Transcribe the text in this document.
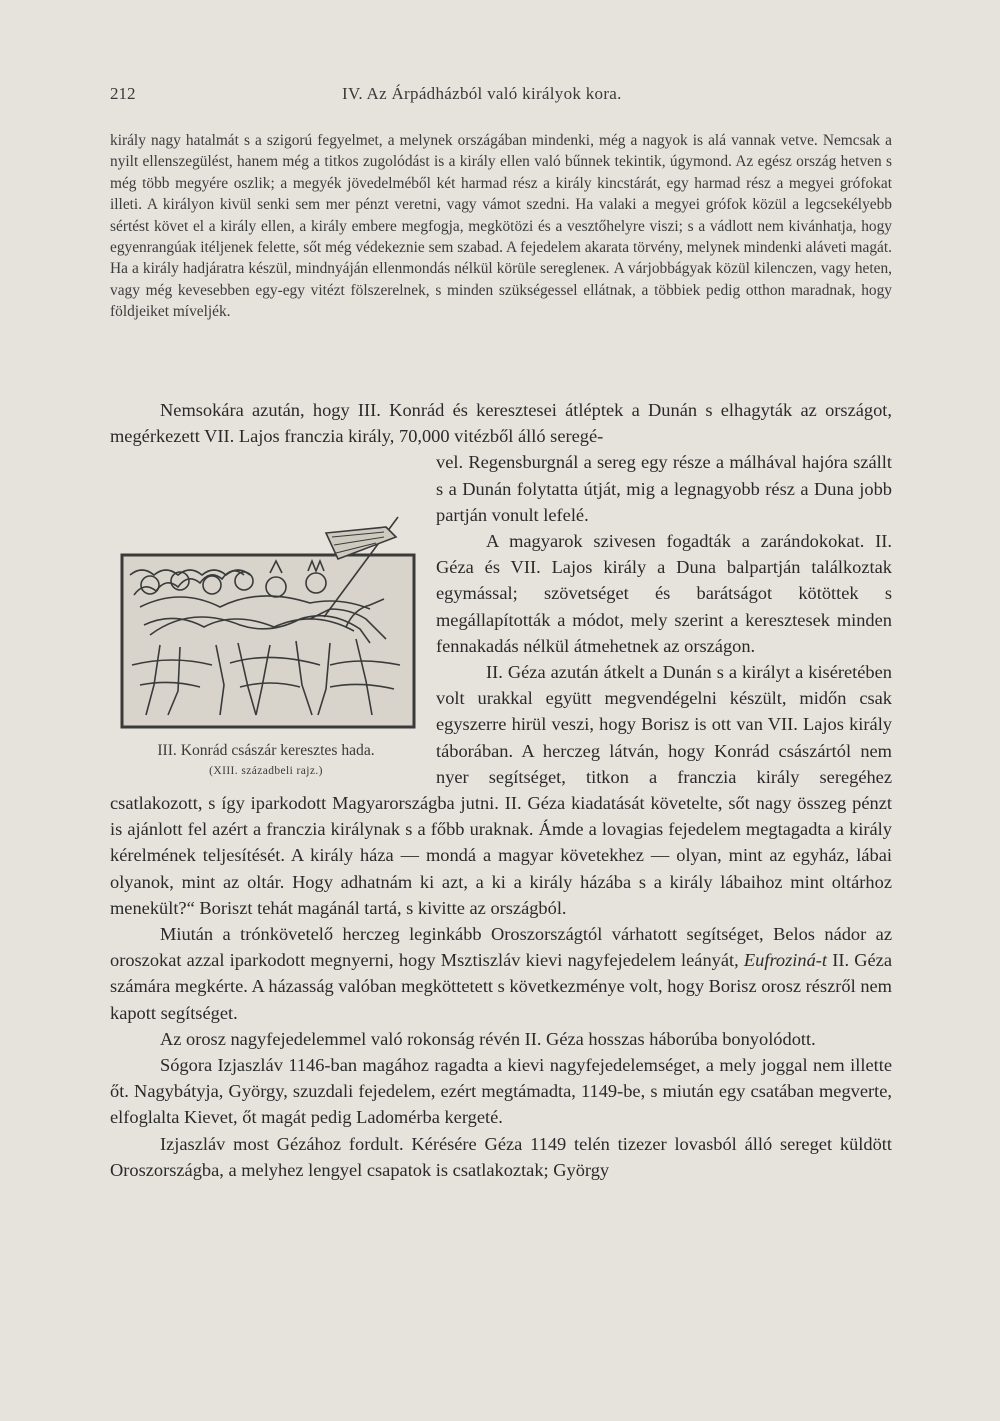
212	IV. Az Árpádházból való királyok kora.

király nagy hatalmát s a szigorú fegyelmet, a melynek országában mindenki, még a nagyok is alá vannak vetve. Nemcsak a nyilt ellenszegülést, hanem még a titkos zugolódást is a király ellen való bűnnek tekintik, úgymond. Az egész ország hetven s még több megyére oszlik; a megyék jövedelméből két harmad rész a király kincstárát, egy harmad rész a megyei grófokat illeti. A királyon kivül senki sem mer pénzt veretni, vagy vámot szedni. Ha valaki a megyei grófok közül a legcsekélyebb sértést követ el a király ellen, a király embere megfogja, megkötözi és a vesztőhelyre viszi; s a vádlott nem kivánhatja, hogy egyenrangúak itéljenek felette, sőt még védekeznie sem szabad. A fejedelem akarata törvény, melynek mindenki aláveti magát. Ha a király hadjáratra készül, mindnyáján ellenmondás nélkül körüle seregleneк. A várjobbágyak közül kilenczen, vagy heten, vagy még kevesebben egy-egy vitézt fölszerelnek, s minden szükségessel ellátnak, a többiek pedig otthon maradnak, hogy földjeiket míveljék.

Nemsokára azután, hogy III. Konrád és keresztesei átléptek a Dunán s elhagyták az országot, megérkezett VII. Lajos franczia király, 70,000 vitézből álló seregé-

III. Konrád császár keresztes hada.
(XIII. századbeli rajz.)

vel. Regensburgnál a sereg egy része a málhával hajóra szállt s a Dunán folytatta útját, mig a legnagyobb rész a Duna jobb partján vonult lefelé.

A magyarok szivesen fogadták a zarándokokat. II. Géza és VII. Lajos király a Duna balpartján találkoztak egymással; szövetséget és barátságot kötöttek s megállapították a módot, mely szerint a keresztesek minden fennakadás nélkül átmehetnek az országon.

II. Géza azután átkelt a Dunán s a királyt a kiséretében volt urakkal együtt megvendégelni készült, midőn csak egyszerre hirül veszi, hogy Borisz is ott van VII. Lajos király táborában. A herczeg látván, hogy Konrád császártól nem nyer segítséget, titkon a franczia király seregéhez csatlakozott, s így iparkodott Magyarországba jutni. II. Géza kiadatását követelte, sőt nagy összeg pénzt is ajánlott fel azért a franczia királynak s a főbb uraknak. Ámde a lovagias fejedelem megtagadta a király kérelmének teljesítését. A király háza — mondá a magyar követekhez — olyan, mint az egyház, lábai olyanok, mint az oltár. Hogy adhatnám ki azt, a ki a király házába s a király lábaihoz mint oltárhoz menekült?“ Boriszt tehát magánál tartá, s kivitte az országból.

Miután a trónkövetelő herczeg leginkább Oroszországtól várhatott segítséget, Belos nádor az oroszokat azzal iparkodott megnyerni, hogy Msztiszláv kievi nagyfejedelem leányát, Eufroziná-t II. Géza számára megkérte. A házasság valóban megköttetett s következménye volt, hogy Borisz orosz részről nem kapott segítséget.

Az orosz nagyfejedelemmel való rokonság révén II. Géza hosszas háborúba bonyolódott.

Sógora Izjaszláv 1146-ban magához ragadta a kievi nagyfejedelemséget, a mely joggal nem illette őt. Nagybátyja, György, szuzdali fejedelem, ezért megtámadta, 1149-be, s miután egy csatában megverte, elfoglalta Kievet, őt magát pedig Ladomérba kergeté.

Izjaszláv most Gézához fordult. Kérésére Géza 1149 telén tizezer lovasból álló sereget küldött Oroszországba, a melyhez lengyel csapatok is csatlakoztak; György
